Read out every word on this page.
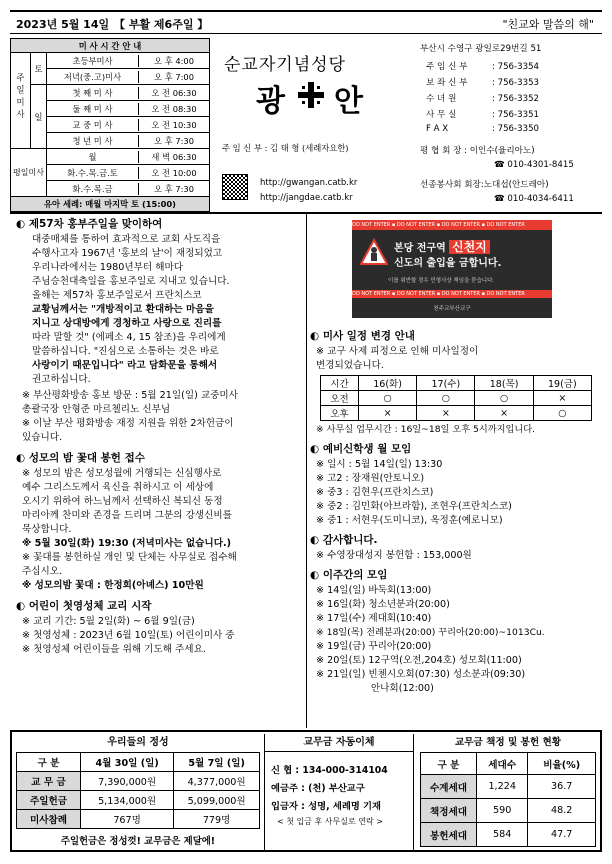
2023년 5월 14일 【 부활 제6주일 】	"친교와 말씀의 해"
미 사 시 간 안 내		
주일미사	토	초등부미사 오 후 4:00

		저녁(중.고)미사 오 후 7:00

	일	첫 째 미 사 오 전 06:30

		둘 째 미 사 오 전 08:30

		교 중 미 사 오 전 10:30

		청 년 미 사 오 후 7:30

평일미사		월 새 벽 06:30

		화.수.목.금.토 오 전 10:00

		화.수.목.금 오 후 7:30

유아 세례: 매월 마지막 토 (15:00)		
순교자기념성당
광 안
주 임 신 부 : 김 태 형 (세례자요한)
http://gwangan.catb.kr
http://jangdae.catb.kr
부산시 수영구 광일로29번길 51
주 임 신 부	: 756-3354
보 좌 신 부	: 756-3353
수 녀 원	: 756-3352
사 무 실	: 756-3351
F A X	: 756-3350
평 협 회 장 : 이인수(율리아노)
☎ 010-4301-8415
선종봉사회 회장:노대섭(안드레아)
☎ 010-4034-6411
◐ 제57차 홍부주일을 맞이하여
대중매체를 통하여 효과적으로 교회 사도직을
수행사고자 1967년 '홍보의 날'이 재정되었고
우리나라에서는 1980년부터 해마다
주님승천대축일을 홍보주일로 지내고 있습니다.
올해는 제57차 홍보주일로서 프란치스코
교황님께서는 "개방적이고 환대하는 마음을
지니고 상대방에게 경청하고 사랑으로 진리를
따라 말할 것" (에페소 4, 15 참조)을 우리에게
말씀하십니다. "진심으로 소통하는 것은 바로
사랑이기 때문입니다" 라고 담화문을 통해서
권고하십니다.
※ 부산평화방송 홍보 방문 : 5월 21일(일) 교중미사
총괄국장 안형준 마르첼리노 신부님
※ 이날 부산 평화방송 재정 지원을 위한 2차헌금이
있습니다.
◐ 성모의 밤 꽃대 봉헌 접수
※ 성모의 밤은 성모성월에 거행되는 신심행사로
예수 그리스도께서 육신을 취하시고 이 세상에
오시기 위하여 하느님께서 선택하신 복되신 동정
마리아께 찬미와 존경을 드리며 그분의 강생신비를
묵상합니다.
※ 5월 30일(화) 19:30 (저녁미사는 없습니다.)
※ 꽃대를 봉헌하실 개인 및 단체는 사무실로 접수해
주십시오.
※ 성모의밤 꽃대 : 한정희(아녜스) 10만원
◐ 어린이 첫영성체 교리 시작
※ 교리 기간: 5월 2일(화) ~ 6월 9일(금)
※ 첫영성체 : 2023년 6월 10일(토) 어린이미사 중
※ 첫영성체 어린이들을 위해 기도해 주세요.
DO NOT ENTER ▪ DO NOT ENTER ▪ DO NOT ENTER ▪ DO NOT ENTER
DO NOT ENTER ▪ DO NOT ENTER ▪ DO NOT ENTER ▪ DO NOT ENTER
본당 전구역 신천지
신도의 출입을 금합니다.
이를 위반할 경우 민형사상 책임을 묻습니다.
천주교부산교구
◐ 미사 일정 변경 안내
※ 교구 사제 피정으로 인해 미사일정이
변경되었습니다.
시간	16(화)	17(수)	18(목)	19(금)
오전	○	○	○	×
오후	×	×	×	○
※ 사무실 업무시간 : 16일~18일 오후 5시까지입니다.
◐ 예비신학생 월 모임
※ 일시 : 5월 14일(일) 13:30
※ 고2 : 장재원(안토니오)
※ 중3 : 김현우(프란치스코)
※ 중2 : 김민화(아브라함), 조현우(프란치스코)
※ 중1 : 서현우(도미니코), 옥정훈(예로니모)
◐ 감사합니다.
※ 수영장대성지 봉헌함 : 153,000원
◐ 이주간의 모임
※ 14일(일) 바둑회(13:00)
※ 16일(화) 청소년분과(20:00)
※ 17일(수) 제대회(10:40)
※ 18일(목) 전례분과(20:00) 꾸리아(20:00)~1013Cu.
※ 19일(금) 꾸리아(20:00)
※ 20일(토) 12구역(오전,204호) 성모회(11:00)
※ 21일(일) 빈첸시오회(07:30) 성소분과(09:30)
안나회(12:00)
우리들의 정성
구 분	4월 30일 (일)	5월 7일 (일)
교 무 금	7,390,000원	4,377,000원
주일헌금	5,134,000원	5,099,000원
미사참례	767명	779명
주일헌금은 정성껏! 교무금은 제달에!
교무금 자동이체
신 협 : 134-000-314104
예금주 : (천) 부산교구
입금자 : 성명, 세례명 기재
< 첫 입금 후 사무실로 연락 >
교무금 책정 및 봉헌 현황
구 분	세대수	비율(%)
수계세대	1,224	36.7
책정세대	590	48.2
봉헌세대	584	47.7
